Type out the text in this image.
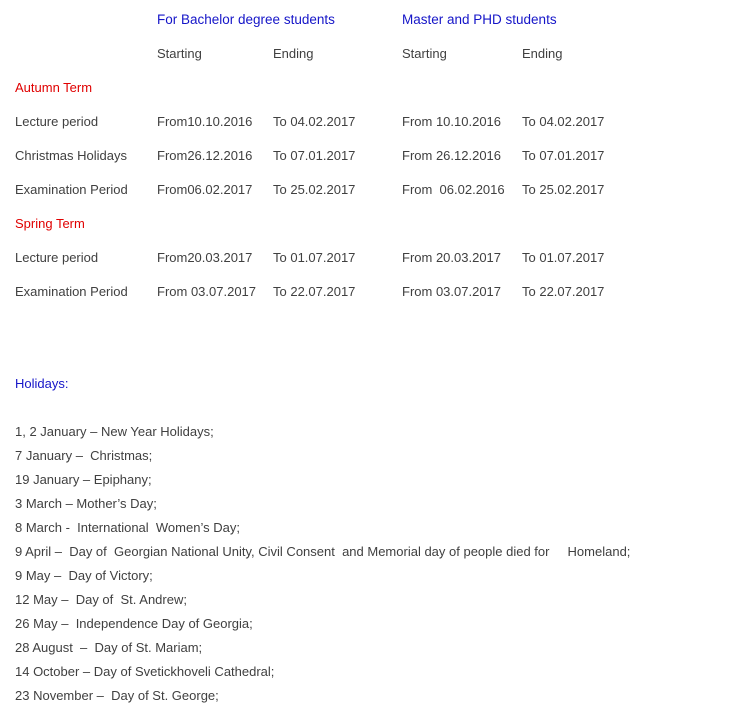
For Bachelor degree students	Master and PHD students
Starting	Ending	Starting	Ending
Autumn Term
Lecture period	From10.10.2016 To 04.02.2017	From 10.10.2016 To 04.02.2017
Christmas Holidays From26.12.2016 To 07.01.2017	From 26.12.2016 To 07.01.2017
Examination Period From06.02.2017 To 25.02.2017	From  06.02.2016 To 25.02.2017
Spring Term
Lecture period	From20.03.2017 To 01.07.2017	From 20.03.2017 To 01.07.2017
Examination Period From 03.07.2017 To 22.07.2017	From 03.07.2017 To 22.07.2017
Holidays:
1, 2 January – New Year Holidays;
7 January –  Christmas;
19 January – Epiphany;
3 March – Mother’s Day;
8 March -  International  Women’s Day;
9 April –  Day of  Georgian National Unity, Civil Consent  and Memorial day of people died for     Homeland;
9 May –  Day of Victory;
12 May –  Day of  St. Andrew;
26 May –  Independence Day of Georgia;
28 August  –  Day of St. Mariam;
14 October – Day of Svetickhoveli Cathedral;
23 November –  Day of St. George;
